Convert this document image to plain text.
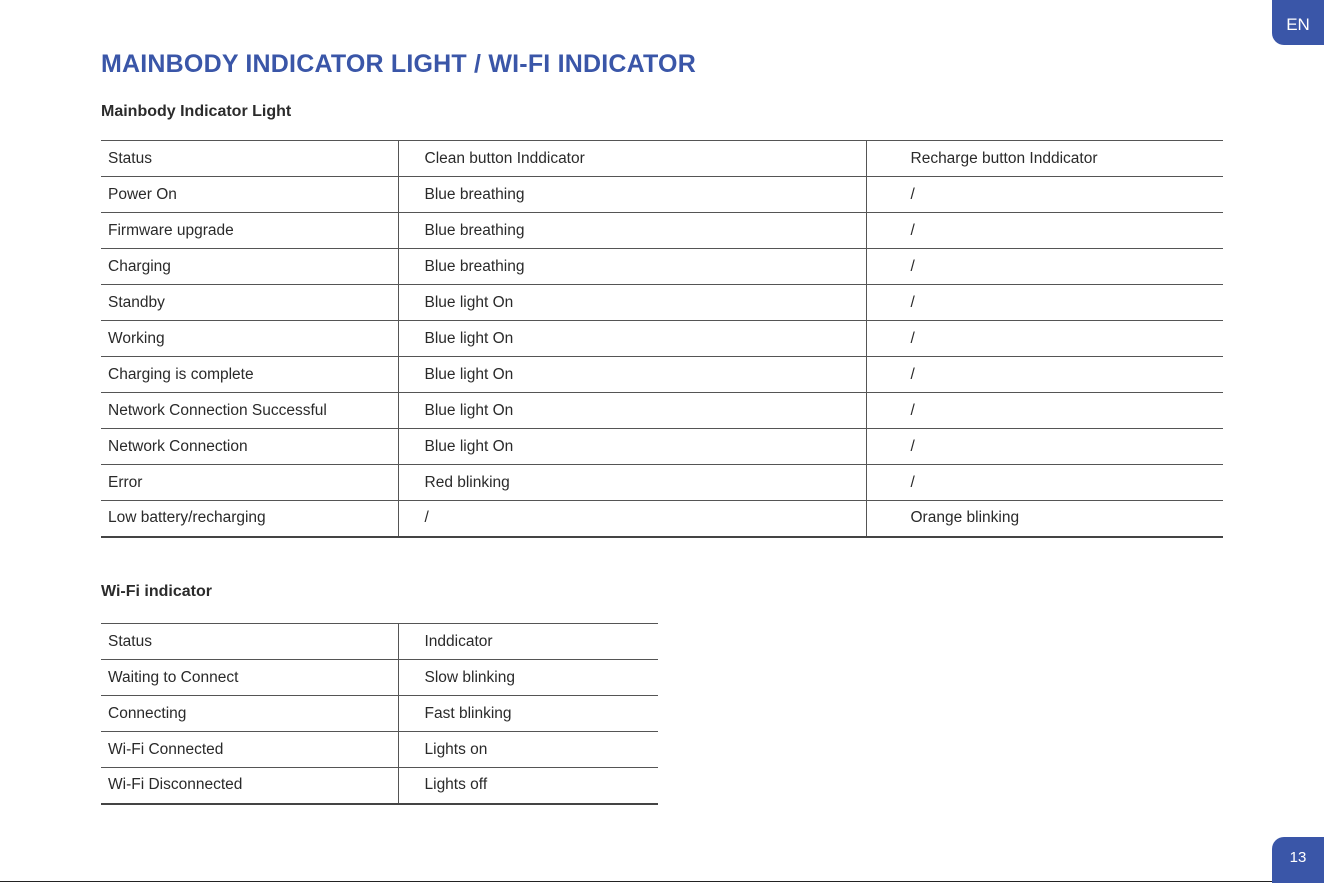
EN
MAINBODY INDICATOR LIGHT / WI-FI INDICATOR
Mainbody Indicator Light
Status	Clean button Inddicator	Recharge button Inddicator
Power On	Blue breathing	/
Firmware upgrade	Blue breathing	/
Charging	Blue breathing	/
Standby	Blue light On	/
Working	Blue light On	/
Charging is complete	Blue light On	/
Network Connection Successful	Blue light On	/
Network Connection	Blue light On	/
Error	Red blinking	/
Low battery/recharging	/	Orange blinking
Wi-Fi indicator
Status	Inddicator
Waiting to Connect	Slow blinking
Connecting	Fast blinking
Wi-Fi Connected	Lights on
Wi-Fi Disconnected	Lights off
13
